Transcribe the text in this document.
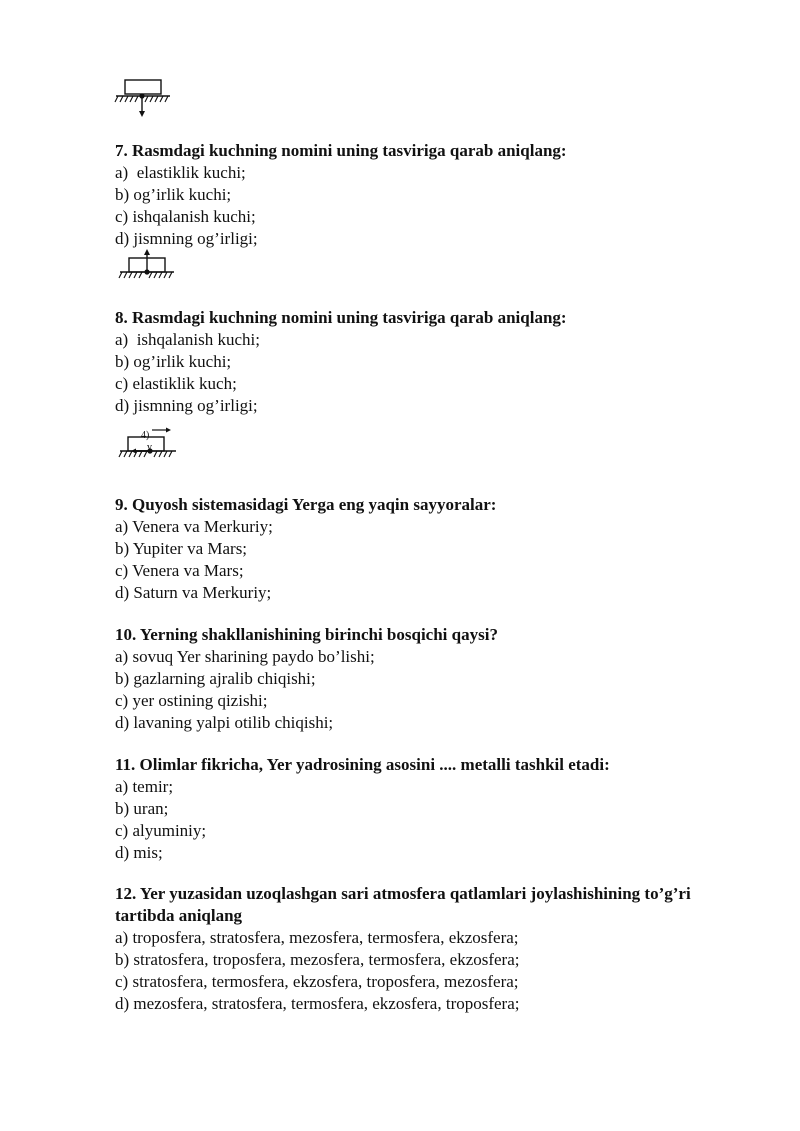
7. Rasmdagi kuchning nomini uning tasviriga qarab aniqlang:
a)  elastiklik kuchi;
b) og’irlik kuchi;
c) ishqalanish kuchi;
d) jismning og’irligi;
8. Rasmdagi kuchning nomini uning tasviriga qarab aniqlang:
a)  ishqalanish kuchi;
b) og’irlik kuchi;
c) elastiklik kuch;
d) jismning og’irligi;

4)
v

9. Quyosh sistemasidagi Yerga eng yaqin sayyoralar:
a) Venera va Merkuriy;
b) Yupiter va Mars;
c) Venera va Mars;
d) Saturn va Merkuriy;
10. Yerning shakllanishining birinchi bosqichi qaysi?
a) sovuq Yer sharining paydo bo’lishi;
b) gazlarning ajralib chiqishi;
c) yer ostining qizishi;
d) lavaning yalpi otilib chiqishi;
11. Olimlar fikricha, Yer yadrosining asosini .... metalli tashkil etadi:
a) temir;
b) uran;
c) alyuminiy;
d) mis;
12. Yer yuzasidan uzoqlashgan sari atmosfera qatlamlari joylashishining to’g’ri tartibda aniqlang
a) troposfera, stratosfera, mezosfera, termosfera, ekzosfera;
b) stratosfera, troposfera, mezosfera, termosfera, ekzosfera;
c) stratosfera, termosfera, ekzosfera, troposfera, mezosfera;
d) mezosfera, stratosfera, termosfera, ekzosfera, troposfera;
